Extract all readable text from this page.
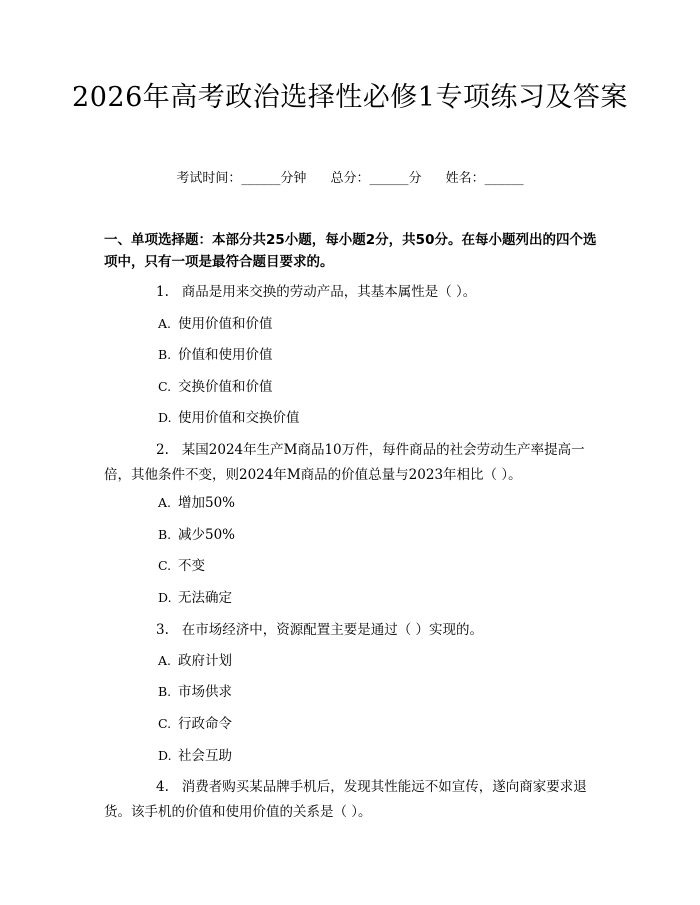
2026年高考政治选择性必修1专项练习及答案
考试时间：______分钟 总分：______分 姓名：______
一、单项选择题：本部分共25小题，每小题2分，共50分。在每小题列出的四个选项中，只有一项是最符合题目要求的。
1. 商品是用来交换的劳动产品，其基本属性是（ ）。
A. 使用价值和价值
B. 价值和使用价值
C. 交换价值和价值
D. 使用价值和交换价值
2. 某国2024年生产M商品10万件，每件商品的社会劳动生产率提高一倍，其他条件不变，则2024年M商品的价值总量与2023年相比（ ）。
A. 增加50%
B. 减少50%
C. 不变
D. 无法确定
3. 在市场经济中，资源配置主要是通过（ ）实现的。
A. 政府计划
B. 市场供求
C. 行政命令
D. 社会互助
4. 消费者购买某品牌手机后，发现其性能远不如宣传，遂向商家要求退货。该手机的价值和使用价值的关系是（ ）。
